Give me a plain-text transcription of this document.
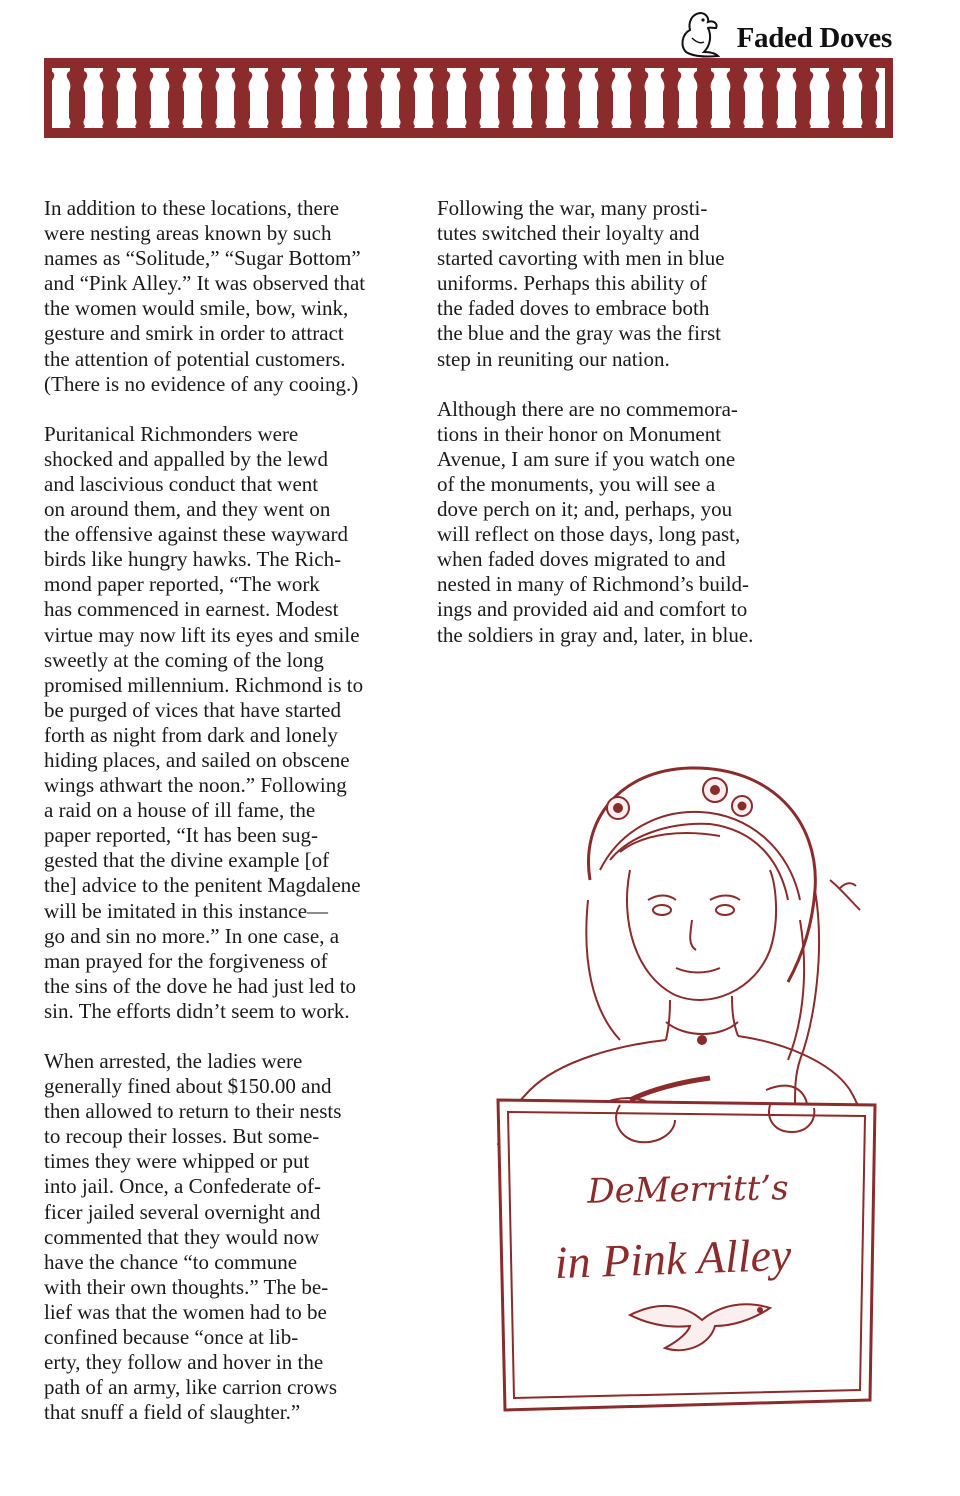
Faded Doves

In addition to these locations, there
were nesting areas known by such
names as “Solitude,” “Sugar Bottom”
and “Pink Alley.” It was observed that
the women would smile, bow, wink,
gesture and smirk in order to attract
the attention of potential customers.
(There is no evidence of any cooing.)

Puritanical Richmonders were
shocked and appalled by the lewd
and lascivious conduct that went
on around them, and they went on
the offensive against these wayward
birds like hungry hawks. The Rich-
mond paper reported, “The work
has commenced in earnest. Modest
virtue may now lift its eyes and smile
sweetly at the coming of the long
promised millennium. Richmond is to
be purged of vices that have started
forth as night from dark and lonely
hiding places, and sailed on obscene
wings athwart the noon.” Following
a raid on a house of ill fame, the
paper reported, “It has been sug-
gested that the divine example [of
the] advice to the penitent Magdalene
will be imitated in this instance—
go and sin no more.” In one case, a
man prayed for the forgiveness of
the sins of the dove he had just led to
sin. The efforts didn’t seem to work.

When arrested, the ladies were
generally fined about $150.00 and
then allowed to return to their nests
to recoup their losses. But some-
times they were whipped or put
into jail. Once, a Confederate of-
ficer jailed several overnight and
commented that they would now
have the chance “to commune
with their own thoughts.” The be-
lief was that the women had to be
confined because “once at lib-
erty, they follow and hover in the
path of an army, like carrion crows
that snuff a field of slaughter.”

Following the war, many prosti-
tutes switched their loyalty and
started cavorting with men in blue
uniforms. Perhaps this ability of
the faded doves to embrace both
the blue and the gray was the first
step in reuniting our nation.

Although there are no commemora-
tions in their honor on Monument
Avenue, I am sure if you watch one
of the monuments, you will see a
dove perch on it; and, perhaps, you
will reflect on those days, long past,
when faded doves migrated to and
nested in many of Richmond’s build-
ings and provided aid and comfort to
the soldiers in gray and, later, in blue.

DeMerritt’s
in Pink Alley
